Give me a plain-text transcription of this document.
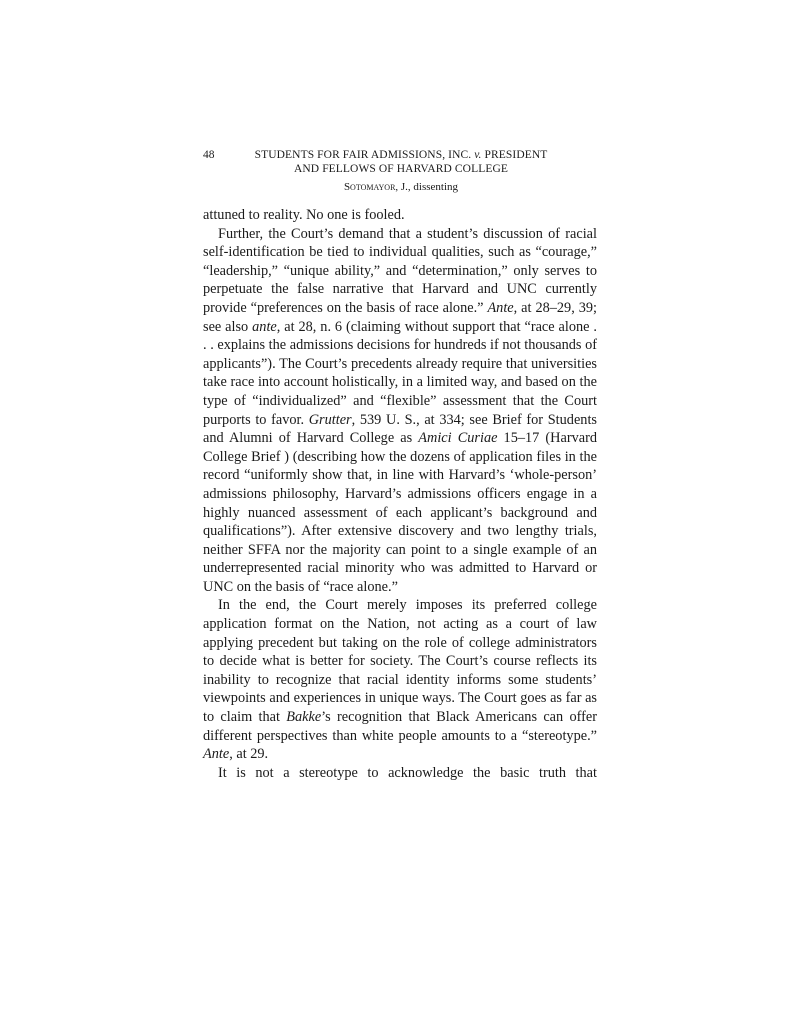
48	STUDENTS FOR FAIR ADMISSIONS, INC. v. PRESIDENT
AND FELLOWS OF HARVARD COLLEGE
Sotomayor, J., dissenting

attuned to reality. No one is fooled.

Further, the Court’s demand that a student’s discussion of racial self-identification be tied to individual qualities, such as “courage,” “leadership,” “unique ability,” and “determination,” only serves to perpetuate the false narrative that Harvard and UNC currently provide “preferences on the basis of race alone.” Ante, at 28–29, 39; see also ante, at 28, n. 6 (claiming without support that “race alone . . . explains the admissions decisions for hundreds if not thousands of applicants”). The Court’s precedents already require that universities take race into account holistically, in a limited way, and based on the type of “individualized” and “flexible” assessment that the Court purports to favor. Grutter, 539 U. S., at 334; see Brief for Students and Alumni of Harvard College as Amici Curiae 15–17 (Harvard College Brief ) (describing how the dozens of application files in the record “uniformly show that, in line with Harvard’s ‘whole-person’ admissions philosophy, Harvard’s admissions officers engage in a highly nuanced assessment of each applicant’s background and qualifications”). After extensive discovery and two lengthy trials, neither SFFA nor the majority can point to a single example of an underrepresented racial minority who was admitted to Harvard or UNC on the basis of “race alone.”

In the end, the Court merely imposes its preferred college application format on the Nation, not acting as a court of law applying precedent but taking on the role of college administrators to decide what is better for society. The Court’s course reflects its inability to recognize that racial identity informs some students’ viewpoints and experiences in unique ways. The Court goes as far as to claim that Bakke’s recognition that Black Americans can offer different perspectives than white people amounts to a “stereotype.” Ante, at 29.

It is not a stereotype to acknowledge the basic truth that
